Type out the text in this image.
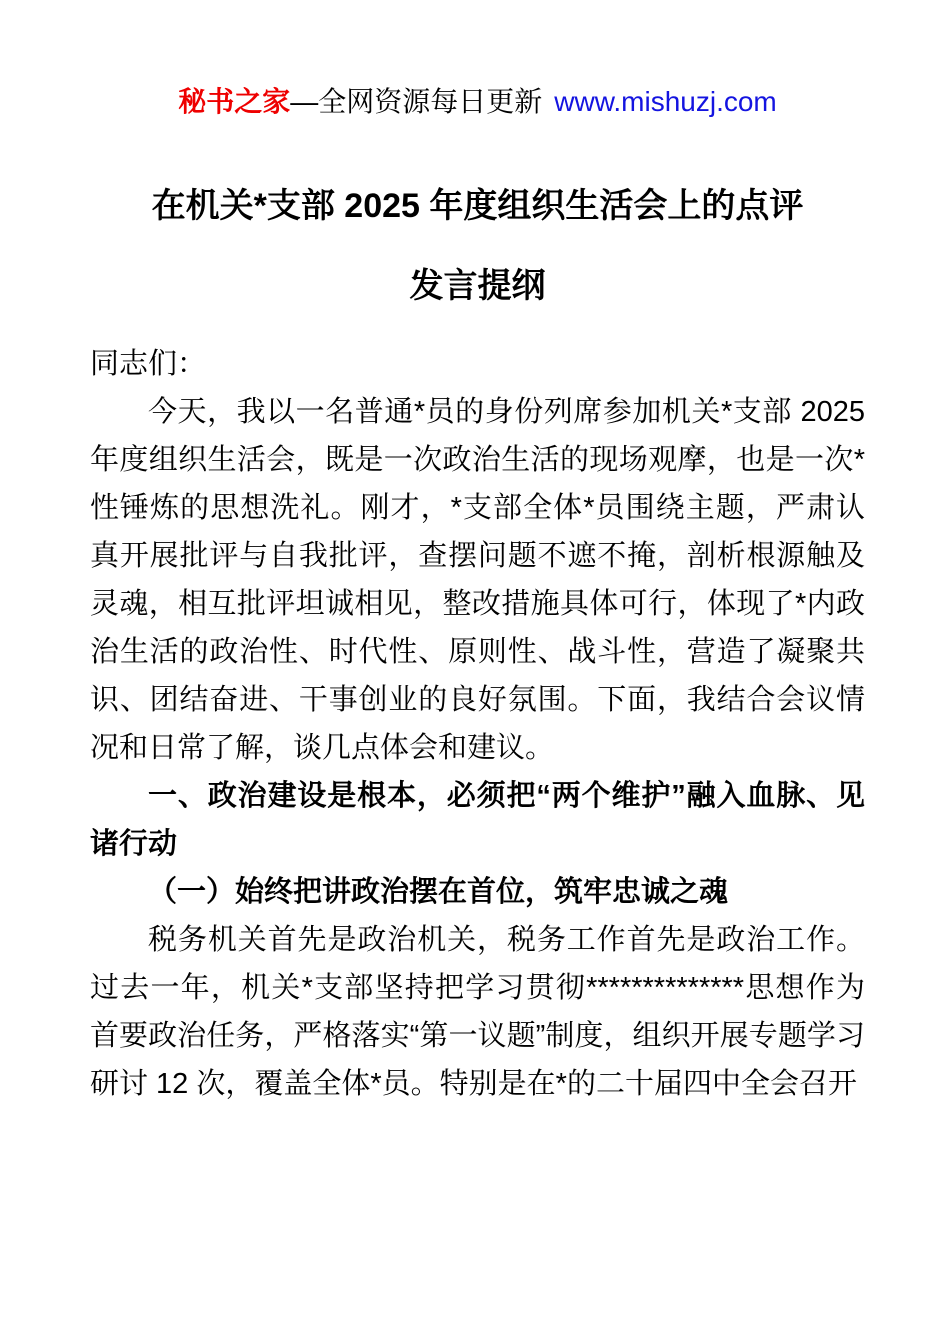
秘书之家—全网资源每日更新 www.mishuzj.com
在机关*支部 2025 年度组织生活会上的点评
发言提纲

同志们：

今天，我以一名普通*员的身份列席参加机关*支部 2025 年度组织生活会，既是一次政治生活的现场观摩，也是一次*性锤炼的思想洗礼。刚才，*支部全体*员围绕主题，严肃认真开展批评与自我批评，查摆问题不遮不掩，剖析根源触及灵魂，相互批评坦诚相见，整改措施具体可行，体现了*内政治生活的政治性、时代性、原则性、战斗性，营造了凝聚共识、团结奋进、干事创业的良好氛围。下面，我结合会议情况和日常了解，谈几点体会和建议。

一、政治建设是根本，必须把“两个维护”融入血脉、见诸行动

（一）始终把讲政治摆在首位，筑牢忠诚之魂

税务机关首先是政治机关，税务工作首先是政治工作。过去一年，机关*支部坚持把学习贯彻**************思想作为首要政治任务，严格落实“第一议题”制度，组织开展专题学习研讨 12 次，覆盖全体*员。特别是在*的二十届四中全会召开
